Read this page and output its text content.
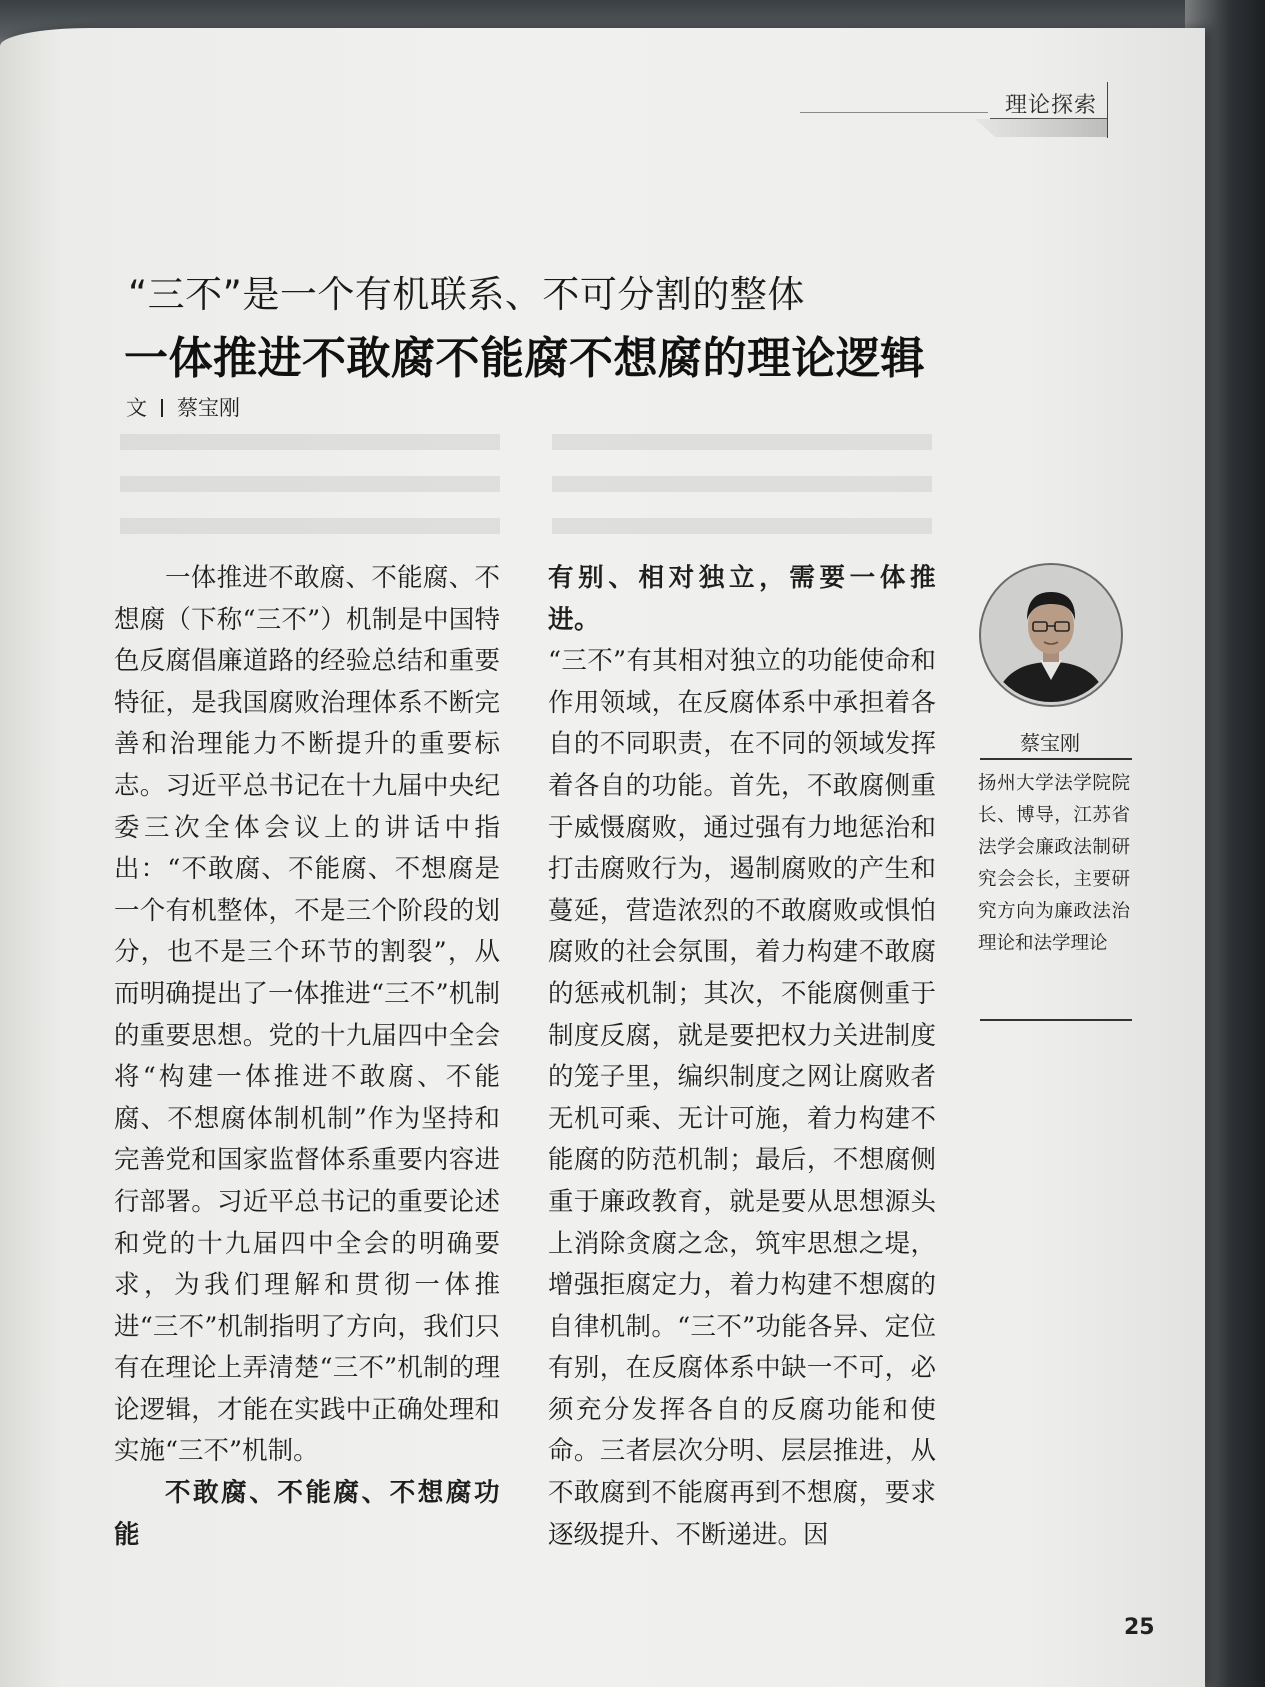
理论探索
“三不”是一个有机联系、不可分割的整体
一体推进不敢腐不能腐不想腐的理论逻辑
文 蔡宝刚

一体推进不敢腐、不能腐、不想腐（下称“三不”）机制是中国特色反腐倡廉道路的经验总结和重要特征，是我国腐败治理体系不断完善和治理能力不断提升的重要标志。习近平总书记在十九届中央纪委三次全体会议上的讲话中指出：“不敢腐、不能腐、不想腐是一个有机整体，不是三个阶段的划分，也不是三个环节的割裂”，从而明确提出了一体推进“三不”机制的重要思想。党的十九届四中全会将“构建一体推进不敢腐、不能腐、不想腐体制机制”作为坚持和完善党和国家监督体系重要内容进行部署。习近平总书记的重要论述和党的十九届四中全会的明确要求，为我们理解和贯彻一体推进“三不”机制指明了方向，我们只有在理论上弄清楚“三不”机制的理论逻辑，才能在实践中正确处理和实施“三不”机制。

不敢腐、不能腐、不想腐功能

有别、相对独立，需要一体推进。

“三不”有其相对独立的功能使命和作用领域，在反腐体系中承担着各自的不同职责，在不同的领域发挥着各自的功能。首先，不敢腐侧重于威慑腐败，通过强有力地惩治和打击腐败行为，遏制腐败的产生和蔓延，营造浓烈的不敢腐败或惧怕腐败的社会氛围，着力构建不敢腐的惩戒机制；其次，不能腐侧重于制度反腐，就是要把权力关进制度的笼子里，编织制度之网让腐败者无机可乘、无计可施，着力构建不能腐的防范机制；最后，不想腐侧重于廉政教育，就是要从思想源头上消除贪腐之念，筑牢思想之堤，增强拒腐定力，着力构建不想腐的自律机制。“三不”功能各异、定位有别，在反腐体系中缺一不可，必须充分发挥各自的反腐功能和使命。三者层次分明、层层推进，从不敢腐到不能腐再到不想腐，要求逐级提升、不断递进。因

蔡宝刚
扬州大学法学院院长、博导，江苏省法学会廉政法制研究会会长，主要研究方向为廉政法治理论和法学理论
25
